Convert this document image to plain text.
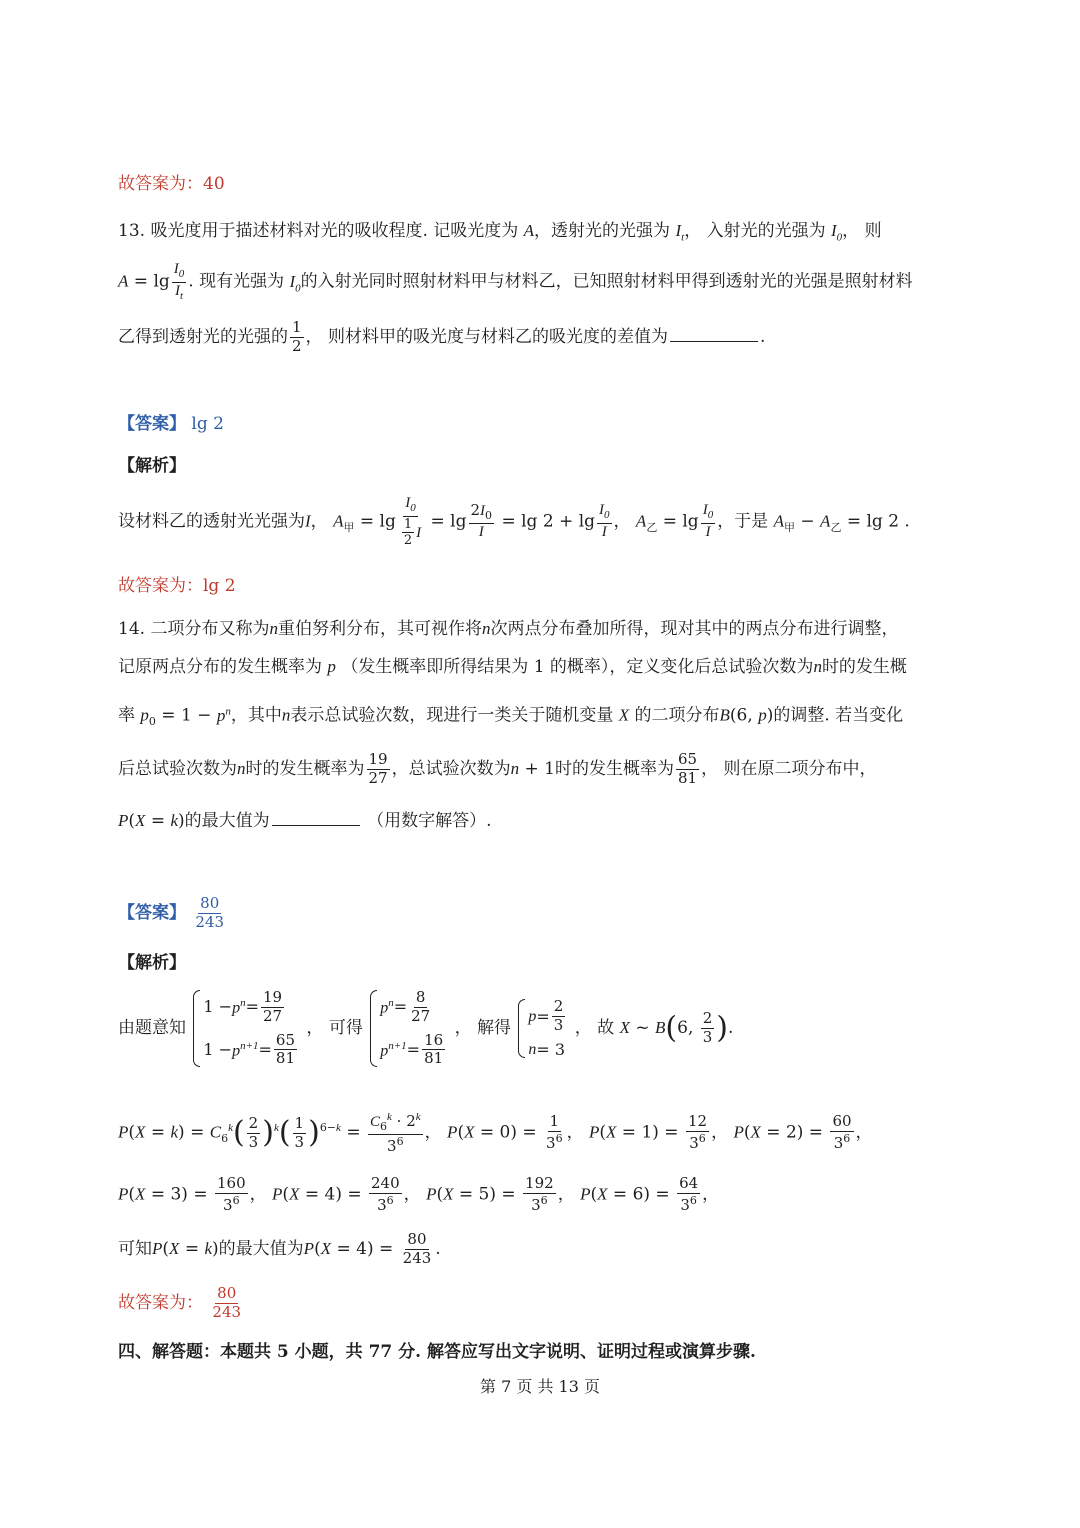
故答案为：40
13. 吸光度用于描述材料对光的吸收程度. 记吸光度为 A，透射光的光强为 $I_t$， 入射光的光强为 $I_0$， 则
$A = \lg \frac{I_0}{I_t}$ . 现有光强为 $I_0$的入射光同时照射材料甲与材料乙，已知照射材料甲得到透射光的光强是照射材料
乙得到透射光的光强的 $\frac{1}{2}$ ， 则材料甲的吸光度与材料乙的吸光度的差值为	.
【答案】 lg 2
【解析】
设材料乙的透射光光强为I， $A_甲 = \lg \frac{I_0}{\frac{1}{2} I} = \lg \frac{2I_0}{I} = \lg 2 + \lg \frac{I_0}{I}$ ， $A_乙 = \lg \frac{I_0}{I}$ ，于是 $A_甲 - A_乙 = \lg 2$ .
故答案为：lg 2
14. 二项分布又称为n重伯努利分布，其可视作将n次两点分布叠加所得，现对其中的两点分布进行调整，
记原两点分布的发生概率为 p （发生概率即所得结果为 1 的概率），定义变化后总试验次数为n时的发生概
率 $p_0 = 1 - p^n$，其中n表示总试验次数，现进行一类关于随机变量 X 的二项分布B(6, p)的调整. 若当变化
后总试验次数为n时的发生概率为 $\frac{19}{27}$ ，总试验次数为n + 1时的发生概率为 $\frac{65}{81}$ ， 则在原二项分布中，
P(X = k)的最大值为	（用数字解答）.
【答案】 $\frac{80}{243}$
【解析】
由题意知
$1 - p^n = \frac{19}{27}$
$1 - p^{n+1} = \frac{65}{81}$
， 可得
$p^n = \frac{8}{27}$
$p^{n+1} = \frac{16}{81}$
， 解得
$p = \frac{2}{3}$
n = 3
， 故 X ~ B(6, $\frac{2}{3}$ ).
$P(X = k) = C_6^k( \frac{2}{3} )^k( \frac{1}{3} )^{6-k} = \frac{C_6^k \cdot 2^k}{3^6}$ ， $P(X = 0) = \frac{1}{3^6}$ ， $P(X = 1) = \frac{12}{3^6}$ ， $P(X = 2) = \frac{60}{3^6}$ ，
$P(X = 3) = \frac{160}{3^6}$ ， $P(X = 4) = \frac{240}{3^6}$ ， $P(X = 5) = \frac{192}{3^6}$ ， $P(X = 6) = \frac{64}{3^6}$ ，
可知P(X = k)的最大值为$P(X = 4) = \frac{80}{243}$ .
故答案为： $\frac{80}{243}$
四、解答题：本题共 5 小题，共 77 分. 解答应写出文字说明、证明过程或演算步骤.
第 7 页 共 13 页
